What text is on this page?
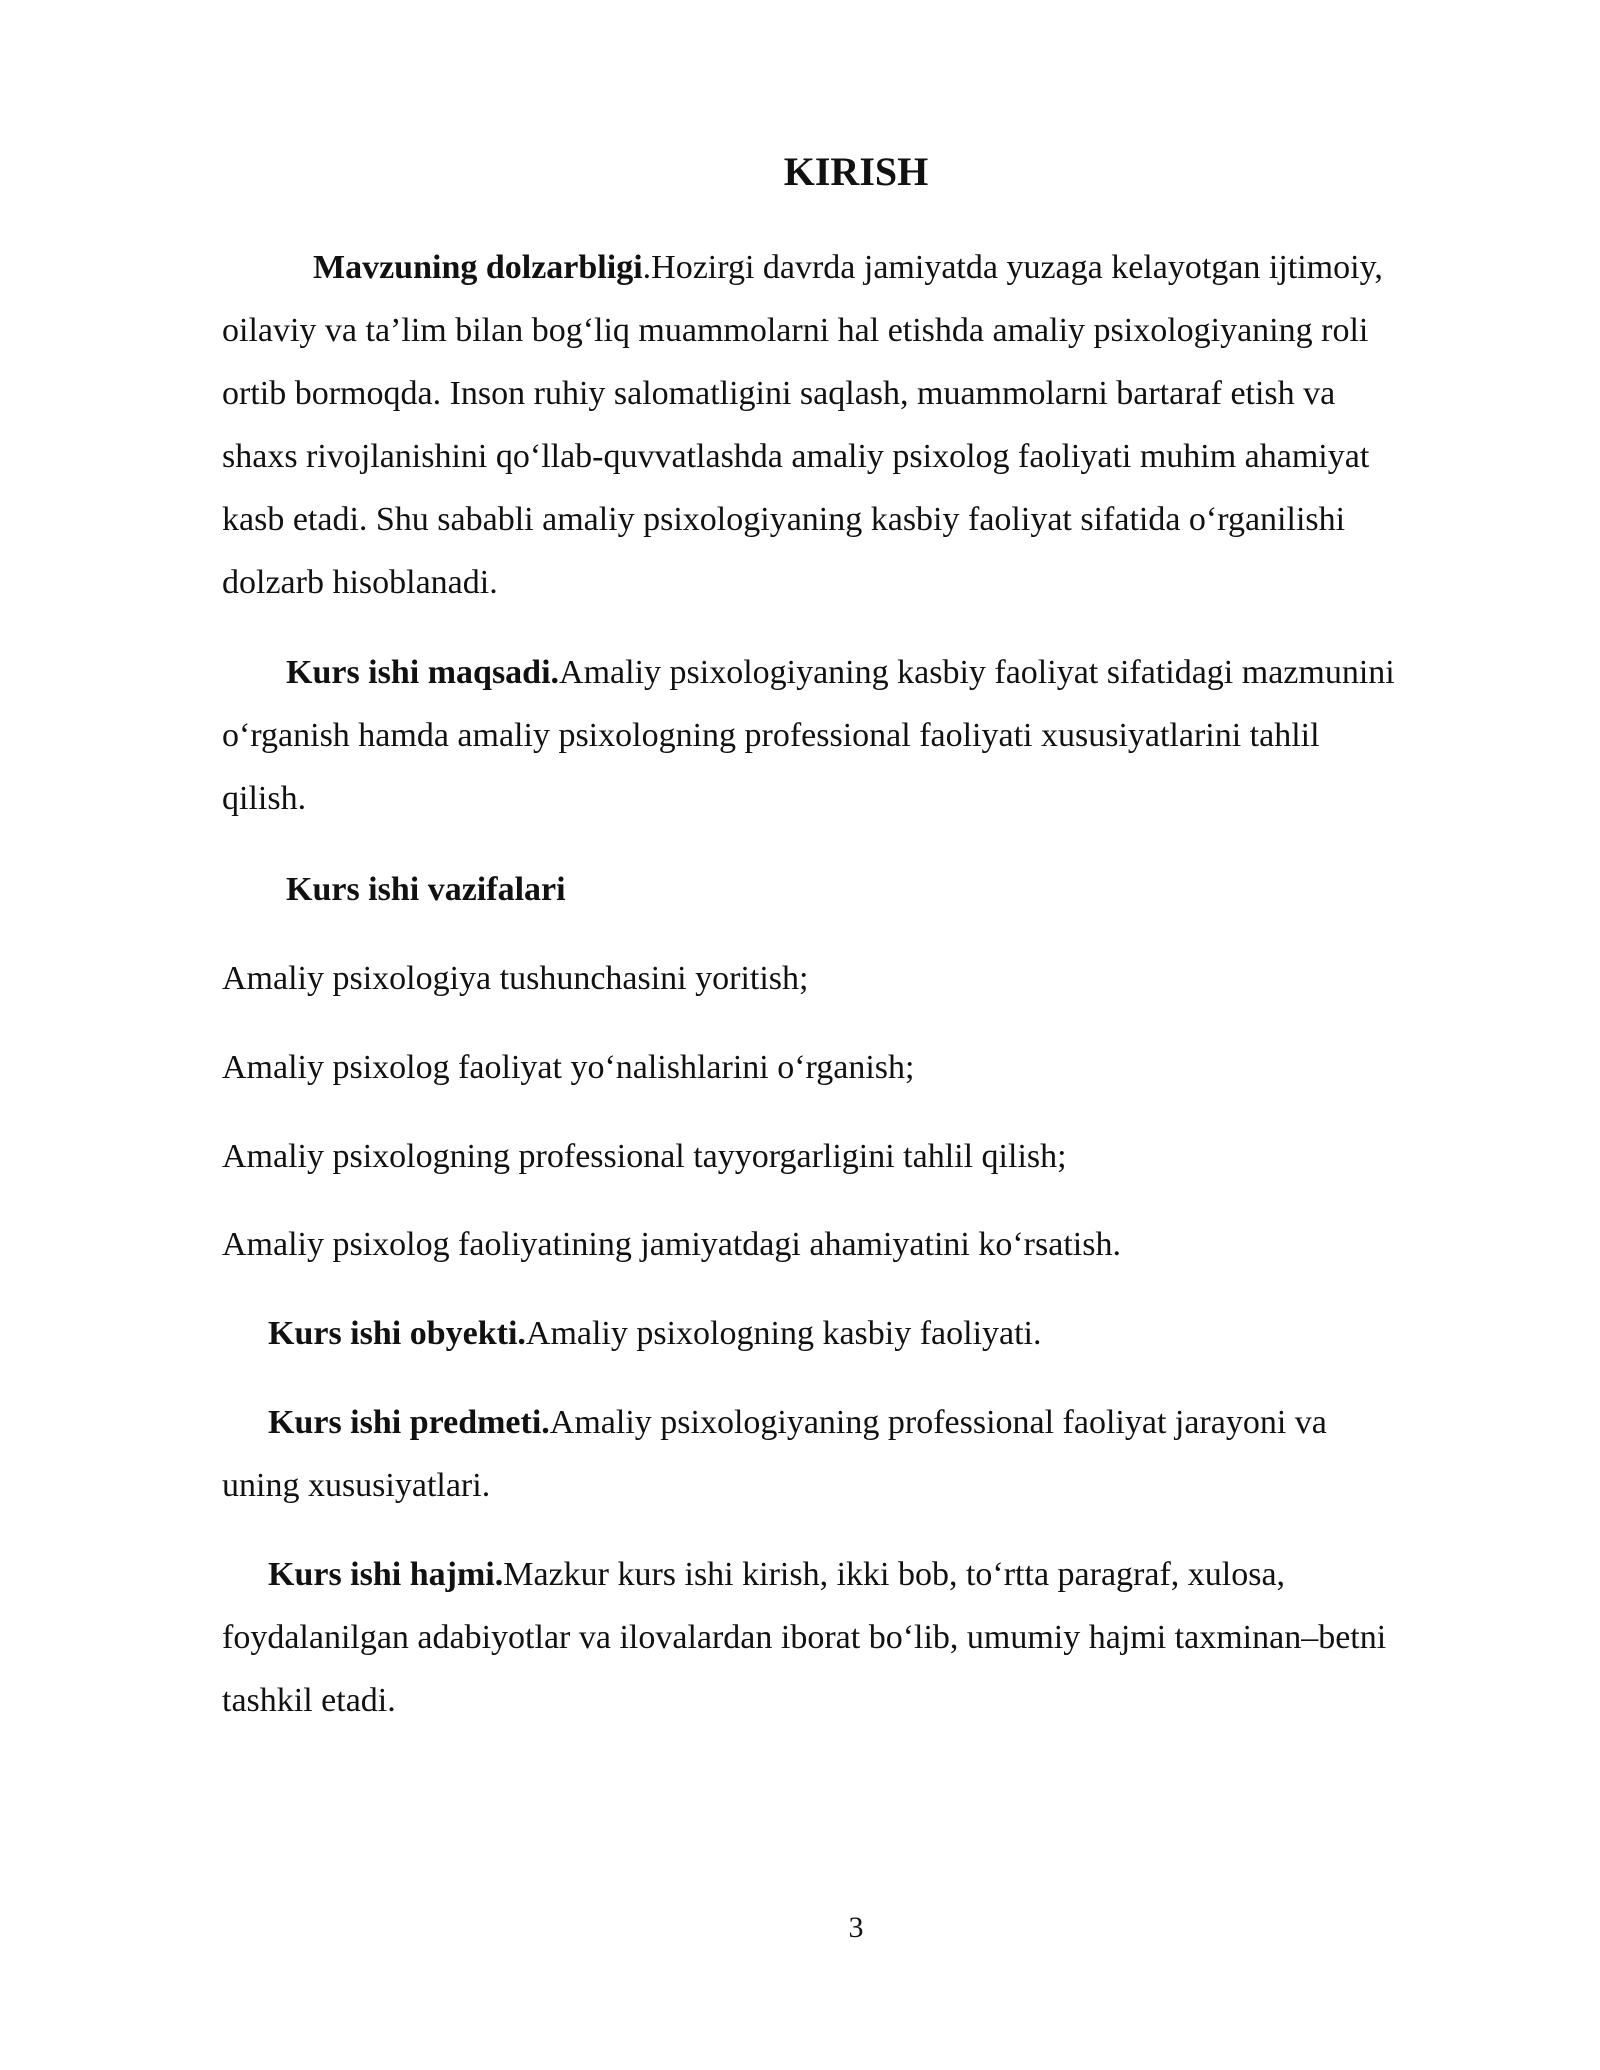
KIRISH

Mavzuning dolzarbligi.Hozirgi davrda jamiyatda yuzaga kelayotgan ijtimoiy,
oilaviy va ta’lim bilan bog‘liq muammolarni hal etishda amaliy psixologiyaning roli
ortib bormoqda. Inson ruhiy salomatligini saqlash, muammolarni bartaraf etish va
shaxs rivojlanishini qo‘llab-quvvatlashda amaliy psixolog faoliyati muhim ahamiyat
kasb etadi. Shu sababli amaliy psixologiyaning kasbiy faoliyat sifatida o‘rganilishi
dolzarb hisoblanadi.

Kurs ishi maqsadi.Amaliy psixologiyaning kasbiy faoliyat sifatidagi mazmunini
o‘rganish hamda amaliy psixologning professional faoliyati xususiyatlarini tahlil
qilish.

Kurs ishi vazifalari

Amaliy psixologiya tushunchasini yoritish;

Amaliy psixolog faoliyat yo‘nalishlarini o‘rganish;

Amaliy psixologning professional tayyorgarligini tahlil qilish;

Amaliy psixolog faoliyatining jamiyatdagi ahamiyatini ko‘rsatish.

Kurs ishi obyekti.Amaliy psixologning kasbiy faoliyati.

Kurs ishi predmeti.Amaliy psixologiyaning professional faoliyat jarayoni va
uning xususiyatlari.

Kurs ishi hajmi.Mazkur kurs ishi kirish, ikki bob, to‘rtta paragraf, xulosa,
foydalanilgan adabiyotlar va ilovalardan iborat bo‘lib, umumiy hajmi taxminan–betni
tashkil etadi.

3
